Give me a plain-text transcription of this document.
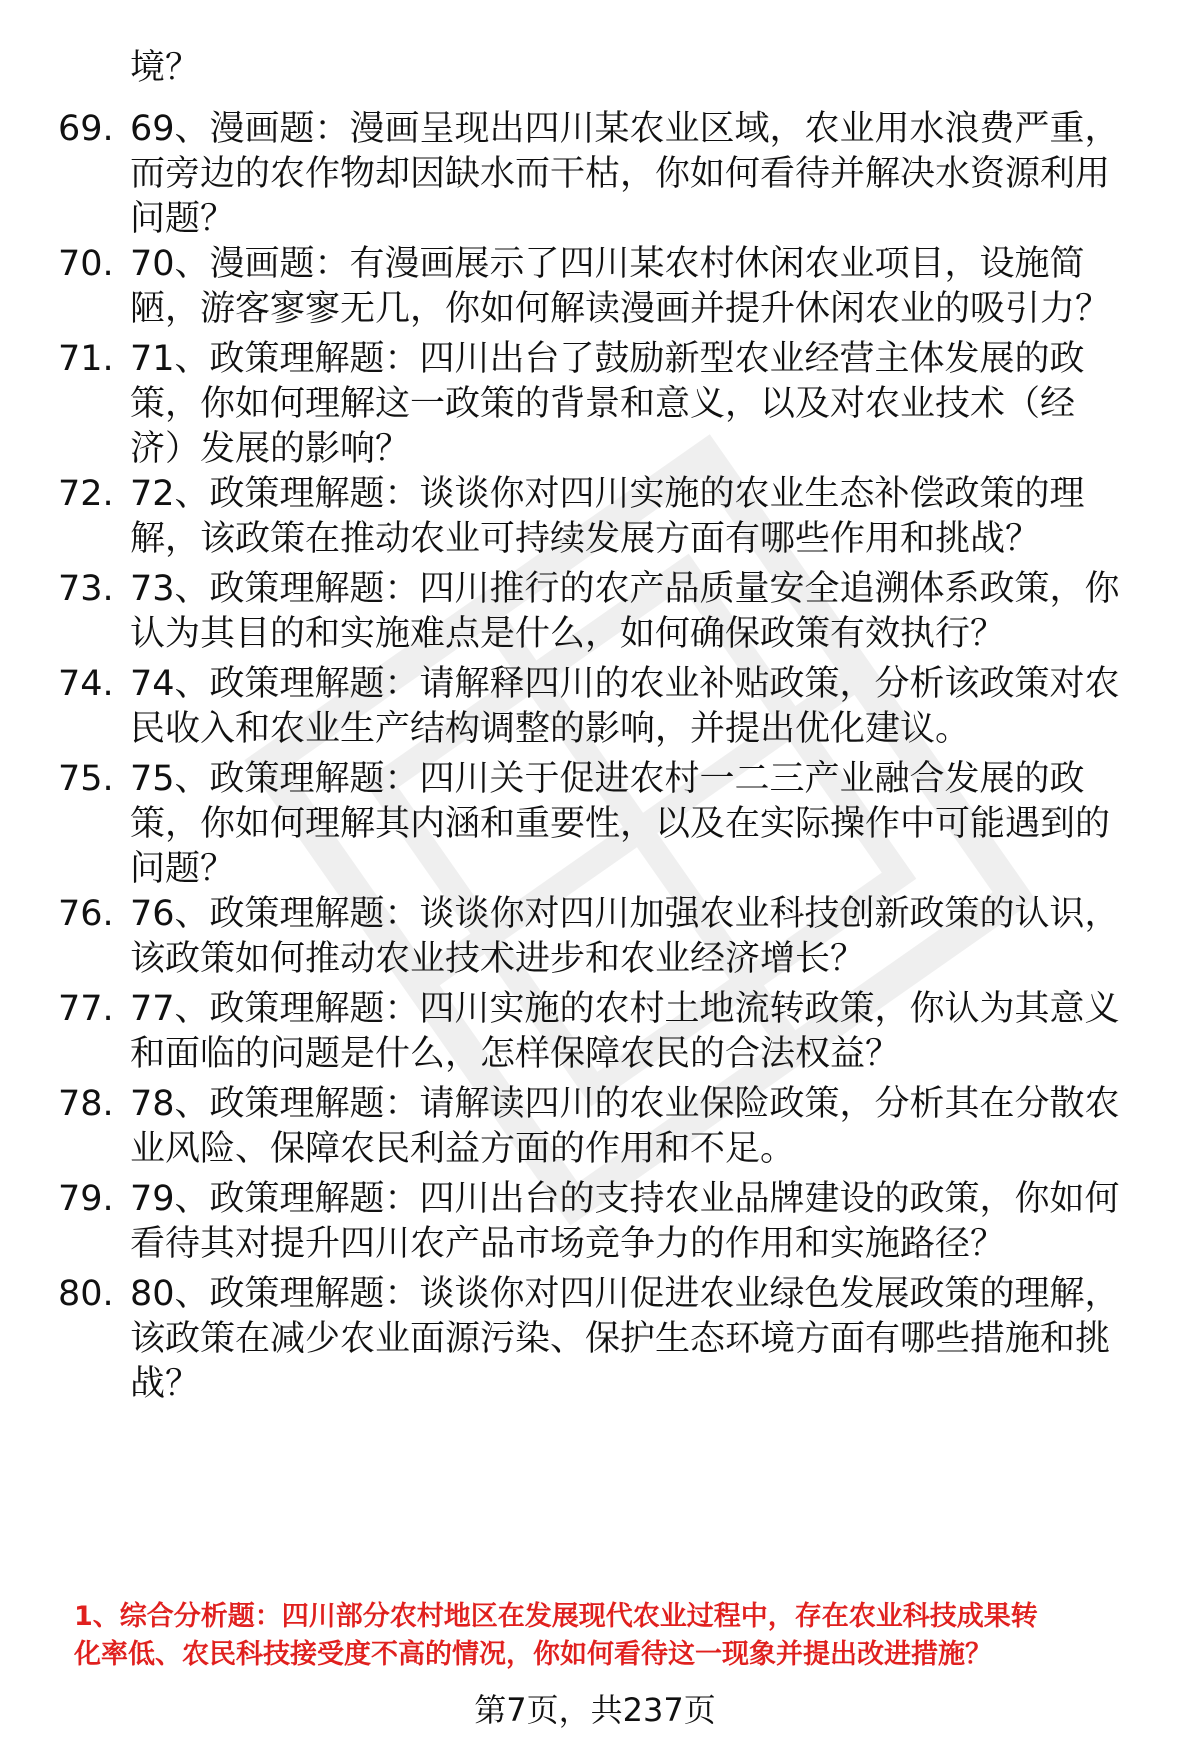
境？
69. 69、漫画题：漫画呈现出四川某农业区域，农业用水浪费严重，
而旁边的农作物却因缺水而干枯，你如何看待并解决水资源利用
问题？
70. 70、漫画题：有漫画展示了四川某农村休闲农业项目，设施简
陋，游客寥寥无几，你如何解读漫画并提升休闲农业的吸引力？
71. 71、政策理解题：四川出台了鼓励新型农业经营主体发展的政
策，你如何理解这一政策的背景和意义，以及对农业技术（经
济）发展的影响？
72. 72、政策理解题：谈谈你对四川实施的农业生态补偿政策的理
解，该政策在推动农业可持续发展方面有哪些作用和挑战？
73. 73、政策理解题：四川推行的农产品质量安全追溯体系政策，你
认为其目的和实施难点是什么，如何确保政策有效执行？
74. 74、政策理解题：请解释四川的农业补贴政策，分析该政策对农
民收入和农业生产结构调整的影响，并提出优化建议。
75. 75、政策理解题：四川关于促进农村一二三产业融合发展的政
策，你如何理解其内涵和重要性，以及在实际操作中可能遇到的
问题？
76. 76、政策理解题：谈谈你对四川加强农业科技创新政策的认识，
该政策如何推动农业技术进步和农业经济增长？
77. 77、政策理解题：四川实施的农村土地流转政策，你认为其意义
和面临的问题是什么，怎样保障农民的合法权益？
78. 78、政策理解题：请解读四川的农业保险政策，分析其在分散农
业风险、保障农民利益方面的作用和不足。
79. 79、政策理解题：四川出台的支持农业品牌建设的政策，你如何
看待其对提升四川农产品市场竞争力的作用和实施路径？
80. 80、政策理解题：谈谈你对四川促进农业绿色发展政策的理解，
该政策在减少农业面源污染、保护生态环境方面有哪些措施和挑
战？
1、综合分析题：四川部分农村地区在发展现代农业过程中，存在农业科技成果转
化率低、农民科技接受度不高的情况，你如何看待这一现象并提出改进措施？
第7页，共237页
